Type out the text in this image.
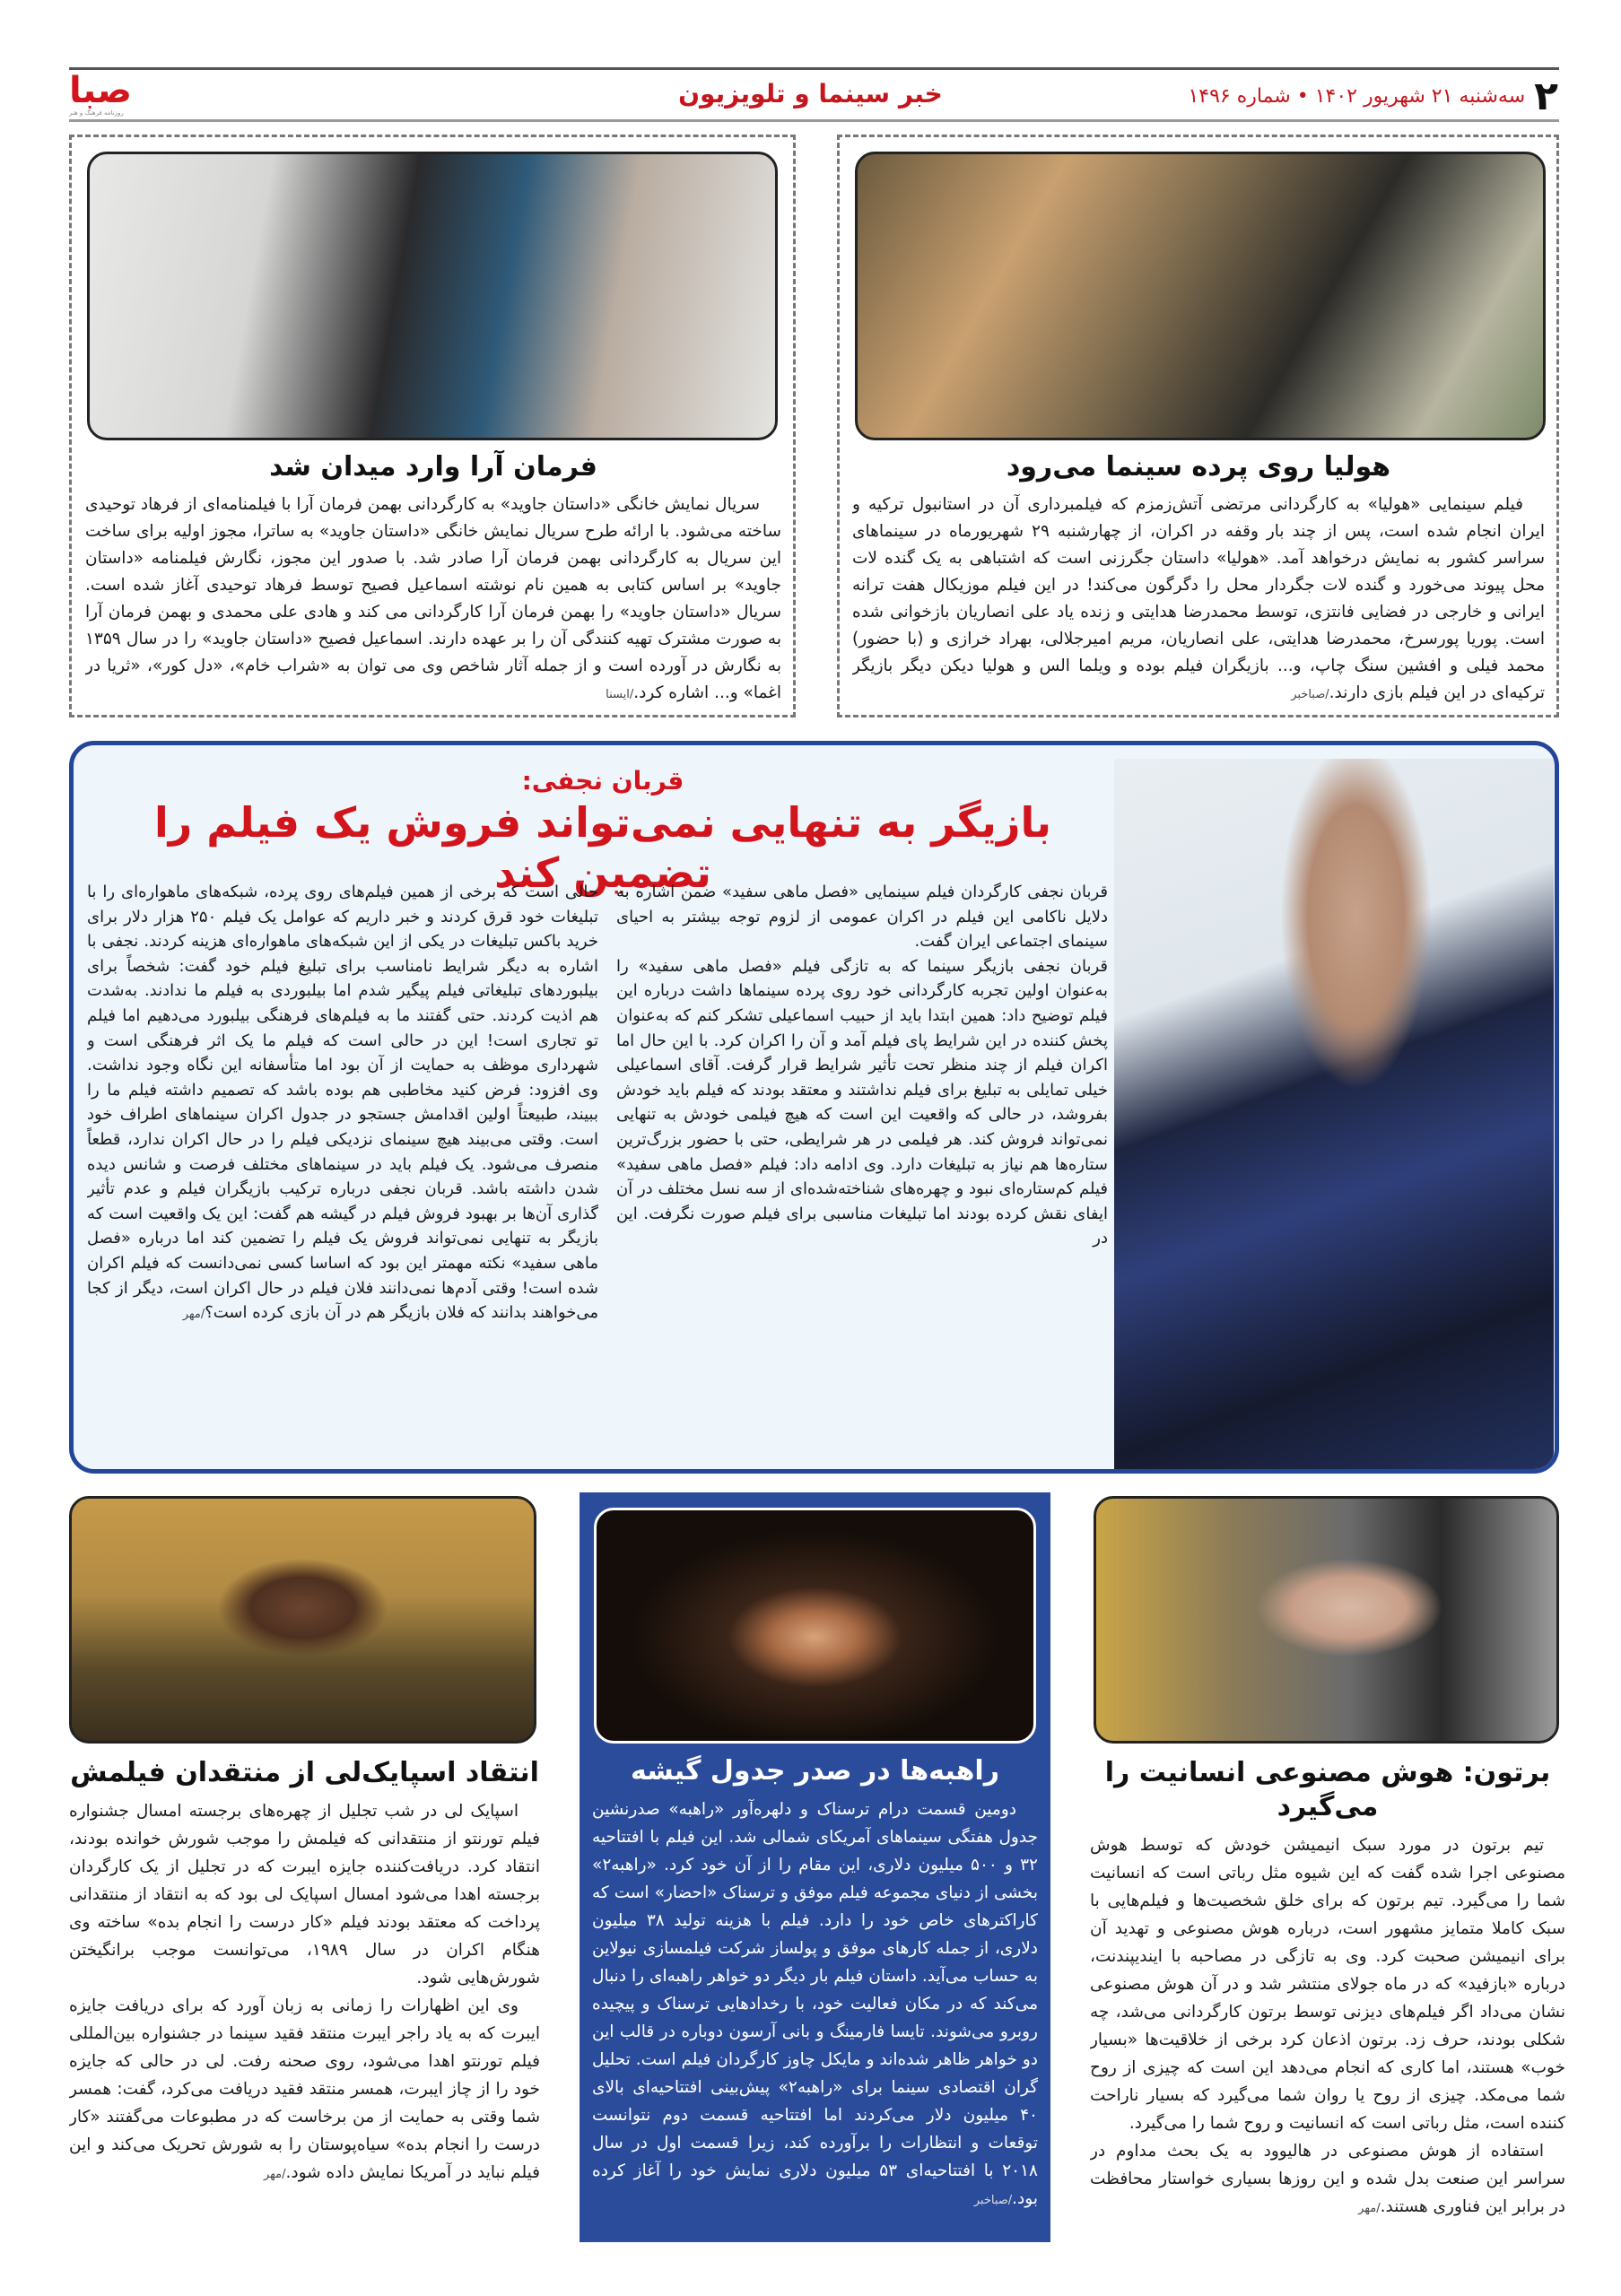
۲
سه‌شنبه ۲۱ شهریور ۱۴۰۲ • شماره ۱۴۹۶
خبر سینما و تلویزیون
صبا
روزنامه فرهنگ و هنر
هولیا روی پرده سینما می‌رود

فیلم سینمایی «هولیا» به کارگردانی مرتضی آتش‌زمزم که فیلمبرداری آن در استانبول ترکیه و ایران انجام شده است، پس از چند بار وقفه در اکران، از چهارشنبه ۲۹ شهریورماه در سینماهای سراسر کشور به نمایش درخواهد آمد. «هولیا» داستان جگرزنی است که اشتباهی به یک گنده لات محل پیوند می‌خورد و گنده لات جگردار محل را دگرگون می‌کند! در این فیلم موزیکال هفت ترانه ایرانی و خارجی در فضایی فانتزی، توسط محمدرضا هدایتی و زنده یاد علی انصاریان بازخوانی شده است. پوریا پورسرخ، محمدرضا هدایتی، علی انصاریان، مریم امیرجلالی، بهراد خرازی و (با حضور) محمد فیلی و افشین سنگ چاپ، و... بازیگران فیلم بوده و ویلما الس و هولیا دیکن دیگر بازیگر ترکیه‌ای در این فیلم بازی دارند./صباخبر

فرمان آرا وارد میدان شد

سریال نمایش خانگی «داستان جاوید» به کارگردانی بهمن فرمان آرا با فیلمنامه‌ای از فرهاد توحیدی ساخته می‌شود. با ارائه طرح سریال نمایش خانگی «داستان جاوید» به ساترا، مجوز اولیه برای ساخت این سریال به کارگردانی بهمن فرمان آرا صادر شد. با صدور این مجوز، نگارش فیلمنامه «داستان جاوید» بر اساس کتابی به همین نام نوشته اسماعیل فصیح توسط فرهاد توحیدی آغاز شده است. سریال «داستان جاوید» را بهمن فرمان آرا کارگردانی می کند و هادی علی محمدی و بهمن فرمان آرا به صورت مشترک تهیه کنندگی آن را بر عهده دارند. اسماعیل فصیح «داستان جاوید» را در سال ۱۳۵۹ به نگارش در آورده است و از جمله آثار شاخص وی می توان به «شراب خام»، «دل کور»، «ثریا در اغما» و... اشاره کرد./ایسنا

قربان نجفی:
بازیگر به تنهایی نمی‌تواند فروش یک فیلم را تضمین کند

قربان نجفی کارگردان فیلم سینمایی «فصل ماهی سفید» ضمن اشاره به دلایل ناکامی این فیلم در اکران عمومی از لزوم توجه بیشتر به احیای سینمای اجتماعی ایران گفت.

قربان نجفی بازیگر سینما که به تازگی فیلم «فصل ماهی سفید» را به‌عنوان اولین تجربه کارگردانی خود روی پرده سینماها داشت درباره این فیلم توضیح داد: همین ابتدا باید از حبیب اسماعیلی تشکر کنم که به‌عنوان پخش کننده در این شرایط پای فیلم آمد و آن را اکران کرد. با این حال اما اکران فیلم از چند منظر تحت تأثیر شرایط قرار گرفت. آقای اسماعیلی خیلی تمایلی به تبلیغ برای فیلم نداشتند و معتقد بودند که فیلم باید خودش بفروشد، در حالی که واقعیت این است که هیچ فیلمی خودش به تنهایی نمی‌تواند فروش کند. هر فیلمی در هر شرایطی، حتی با حضور بزرگ‌ترین ستاره‌ها هم نیاز به تبلیغات دارد. وی ادامه داد: فیلم «فصل ماهی سفید» فیلم کم‌ستاره‌ای نبود و چهره‌های شناخته‌شده‌ای از سه نسل مختلف در آن ایفای نقش کرده بودند اما تبلیغات مناسبی برای فیلم صورت نگرفت. این در

حالی است که برخی از همین فیلم‌های روی پرده، شبکه‌های ماهواره‌ای را با تبلیغات خود قرق کردند و خبر داریم که عوامل یک فیلم ۲۵۰ هزار دلار برای خرید باکس تبلیغات در یکی از این شبکه‌های ماهواره‌ای هزینه کردند. نجفی با اشاره به دیگر شرایط نامناسب برای تبلیغ فیلم خود گفت: شخصاً برای بیلبوردهای تبلیغاتی فیلم پیگیر شدم اما بیلبوردی به فیلم ما ندادند. به‌شدت هم اذیت کردند. حتی گفتند ما به فیلم‌های فرهنگی بیلبورد می‌دهیم اما فیلم تو تجاری است! این در حالی است که فیلم ما یک اثر فرهنگی است و شهرداری موظف به حمایت از آن بود اما متأسفانه این نگاه وجود نداشت. وی افزود: فرض کنید مخاطبی هم بوده باشد که تصمیم داشته فیلم ما را ببیند، طبیعتاً اولین اقدامش جستجو در جدول اکران سینماهای اطراف خود است. وقتی می‌بیند هیچ سینمای نزدیکی فیلم را در حال اکران ندارد، قطعاً منصرف می‌شود. یک فیلم باید در سینماهای مختلف فرصت و شانس دیده شدن داشته باشد. قربان نجفی درباره ترکیب بازیگران فیلم و عدم تأثیر گذاری آن‌ها بر بهبود فروش فیلم در گیشه هم گفت: این یک واقعیت است که بازیگر به تنهایی نمی‌تواند فروش یک فیلم را تضمین کند اما درباره «فصل ماهی سفید» نکته مهمتر این بود که اساسا کسی نمی‌دانست که فیلم اکران شده است! وقتی آدم‌ها نمی‌دانند فلان فیلم در حال اکران است، دیگر از کجا می‌خواهند بدانند که فلان بازیگر هم در آن بازی کرده است؟/مهر
برتون: هوش مصنوعی انسانیت را می‌گیرد

تیم برتون در مورد سبک انیمیشن خودش که توسط هوش مصنوعی اجرا شده گفت که این شیوه مثل رباتی است که انسانیت شما را می‌گیرد. تیم برتون که برای خلق شخصیت‌ها و فیلم‌هایی با سبک کاملا متمایز مشهور است، درباره هوش مصنوعی و تهدید آن برای انیمیشن صحبت کرد. وی به تازگی در مصاحبه با ایندیپندنت، درباره «بازفید» که در ماه جولای منتشر شد و در آن هوش مصنوعی نشان می‌داد اگر فیلم‌های دیزنی توسط برتون کارگردانی می‌شد، چه شکلی بودند، حرف زد. برتون اذعان کرد برخی از خلاقیت‌ها «بسیار خوب» هستند، اما کاری که انجام می‌دهد این است که چیزی از روح شما می‌مکد. چیزی از روح یا روان شما می‌گیرد که بسیار ناراحت کننده است، مثل رباتی است که انسانیت و روح شما را می‌گیرد.

استفاده از هوش مصنوعی در هالیوود به یک بحث مداوم در سراسر این صنعت بدل شده و این روزها بسیاری خواستار محافظت در برابر این فناوری هستند./مهر

راهبه‌ها در صدر جدول گیشه

دومین قسمت درام ترسناک و دلهره‌آور «راهبه» صدرنشین جدول هفتگی سینماهای آمریکای شمالی شد. این فیلم با افتتاحیه ۳۲ و ۵۰۰ میلیون دلاری، این مقام را از آن خود کرد. «راهبه۲» بخشی از دنیای مجموعه فیلم موفق و ترسناک «احضار» است که کاراکترهای خاص خود را دارد. فیلم با هزینه تولید ۳۸ میلیون دلاری، از جمله کارهای موفق و پولساز شرکت فیلمسازی نیولاین به حساب می‌آید. داستان فیلم بار دیگر دو خواهر راهبه‌ای را دنبال می‌کند که در مکان فعالیت خود، با رخدادهایی ترسناک و پیچیده روبرو می‌شوند. تایسا فارمینگ و بانی آرسون دوباره در قالب این دو خواهر ظاهر شده‌اند و مایکل چاوز کارگردان فیلم است. تحلیل گران اقتصادی سینما برای «راهبه۲» پیش‌بینی افتتاحیه‌ای بالای ۴۰ میلیون دلار می‌کردند اما افتتاحیه قسمت دوم نتوانست توقعات و انتظارات را برآورده کند، زیرا قسمت اول در سال ۲۰۱۸ با افتتاحیه‌ای ۵۳ میلیون دلاری نمایش خود را آغاز کرده بود./صباخبر

انتقاد اسپایک‌لی از منتقدان فیلمش

اسپایک لی در شب تجلیل از چهره‌های برجسته امسال جشنواره فیلم تورنتو از منتقدانی که فیلمش را موجب شورش خوانده بودند، انتقاد کرد. دریافت‌کننده جایزه ایبرت که در تجلیل از یک کارگردان برجسته اهدا می‌شود امسال اسپایک لی بود که به انتقاد از منتقدانی پرداخت که معتقد بودند فیلم «کار درست را انجام بده» ساخته وی هنگام اکران در سال ۱۹۸۹، می‌توانست موجب برانگیختن شورش‌هایی شود.

وی این اظهارات را زمانی به زبان آورد که برای دریافت جایزه ایبرت که به یاد راجر ایبرت منتقد فقید سینما در جشنواره بین‌المللی فیلم تورنتو اهدا می‌شود، روی صحنه رفت. لی در حالی که جایزه خود را از چاز ایبرت، همسر منتقد فقید دریافت می‌کرد، گفت: همسر شما وقتی به حمایت از من برخاست که در مطبوعات می‌گفتند «کار درست را انجام بده» سیاه‌پوستان را به شورش تحریک می‌کند و این فیلم نباید در آمریکا نمایش داده شود./مهر
